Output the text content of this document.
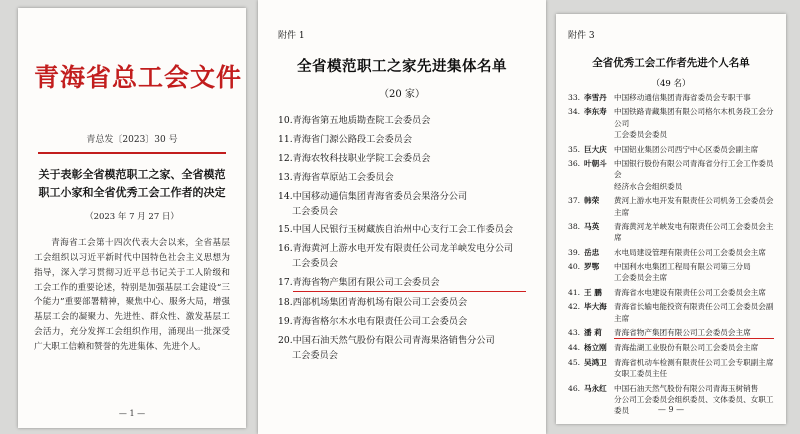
青海省总工会文件
青总发〔2023〕30 号
关于表彰全省模范职工之家、全省模范职工小家和全省优秀工会工作者的决定
（2023 年 7 月 27 日）
青海省工会第十四次代表大会以来，全省基层工会组织以习近平新时代中国特色社会主义思想为指导，深入学习贯彻习近平总书记关于工人阶级和工会工作的重要论述，特别是加强基层工会建设“三个能力”重要部署精神，聚焦中心、服务大局，增强基层工会的凝聚力、先进性、群众性、激发基层工会活力，充分发挥工会组织作用，涌现出一批深受广大职工信赖和赞誉的先进集体、先进个人。
— 1 —
附件 1
全省模范职工之家先进集体名单
（20 家）
10. 青海省第五地质勘查院工会委员会
11. 青海省门源公路段工会委员会
12. 青海农牧科技职业学院工会委员会
13. 青海省草原站工会委员会
14. 中国移动通信集团青海省委员会果洛分公司
工会委员会
15. 中国人民银行玉树藏族自治州中心支行工会工作委员会
16. 青海黄河上游水电开发有限责任公司龙羊峡发电分公司
工会委员会
17. 青海省物产集团有限公司工会委员会
18. 西部机场集团青海机场有限公司工会委员会
19. 青海省格尔木水电有限责任公司工会委员会
20. 中国石油天然气股份有限公司青海果洛销售分公司
工会委员会
附件 3
全省优秀工会工作者先进个人名单
（49 名）
33. 李雪丹 中国移动通信集团青海省委员会专职干事
34. 李东寿 中国铁路青藏集团有限公司格尔木机务段工会分公司
工会委员会委员
35. 巨大庆 中国铝业集团公司西宁中心区委员会副主席
36. 叶朝斗 中国银行股份有限公司青海省分行工会工作委员会
经济水合会组织委员
37. 韩荣	黄河上游水电开发有限责任公司机务工会委员会主席
38. 马英	青海黄河龙羊峡发电有限责任公司工会委员会主席
39. 岳忠	水电局建设管理有限责任公司工会委员会主席
40. 罗鄂	中国利水电集团工程局有限公司第三分局
工会委员会主席
41. 王 鹏	青海省水电建设有限责任公司工会委员会主席
42. 毕大海 青海省长输电能投资有限责任公司工会委员会副主席
43. 潘 莉	青海省物产集团有限公司工会委员会主席
44. 杨立刚 青海盐湖工业股份有限公司工会委员会主席
45. 吴鸿卫 青海省机动车检测有限责任公司工会专职副主席
女职工委员主任
46. 马永红 中国石油天然气股份有限公司青海玉树销售
分公司工会委员会组织委员、文体委员、女职工委员	— 9 —
